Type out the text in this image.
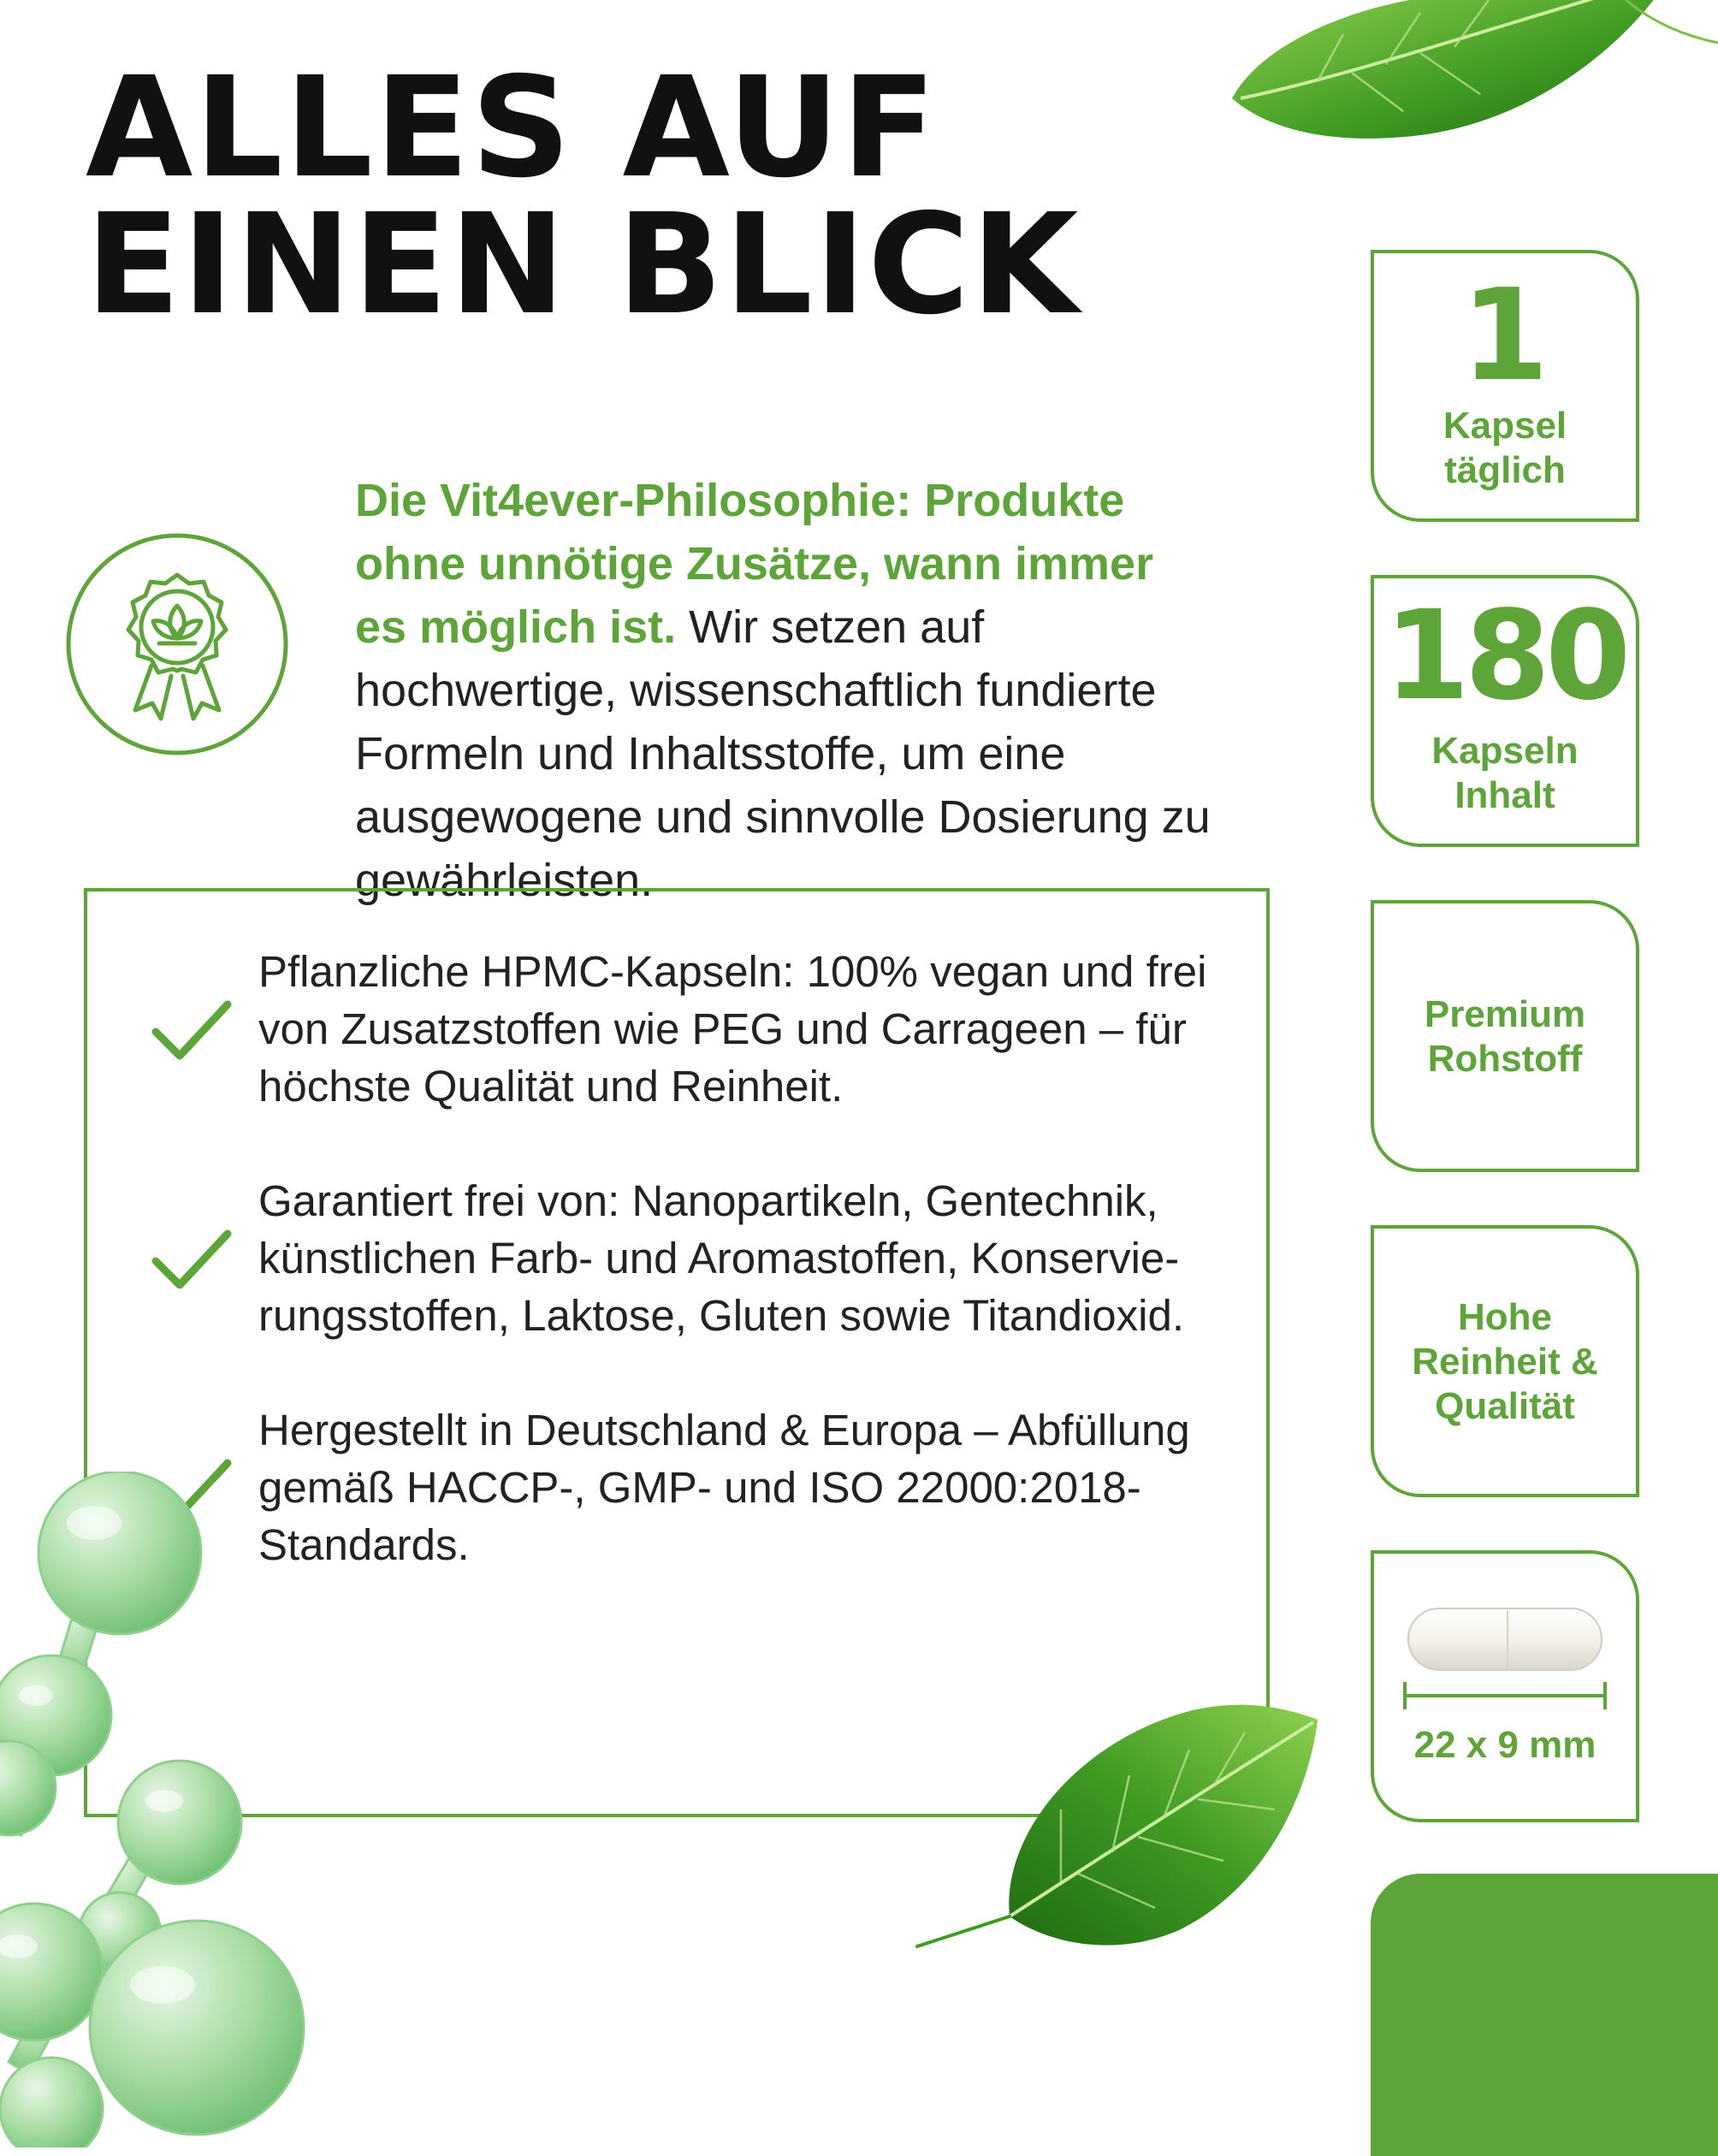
ALLES AUF
EINEN BLICK
Die Vit4ever-Philosophie: Produkte ohne unnötige Zusätze, wann immer es möglich ist. Wir setzen auf hochwertige, wissenschaftlich fundierte Formeln und Inhaltsstoffe, um eine ausgewogene und sinnvolle Dosierung zu gewährleisten.
Pflanzliche HPMC-Kapseln: 100% vegan und frei von Zusatzstoffen wie PEG und Carrageen – für höchste Qualität und Reinheit.
Garantiert frei von: Nanopartikeln, Gentechnik, künstlichen Farb- und Aromastoffen, Konservie-rungsstoffen, Laktose, Gluten sowie Titandioxid.
Hergestellt in Deutschland & Europa – Abfüllung gemäß HACCP-, GMP- und ISO 22000:2018-Standards.
1
Kapsel
täglich
180
Kapseln
Inhalt
Premium
Rohstoff
Hohe
Reinheit &
Qualität
22 x 9 mm
